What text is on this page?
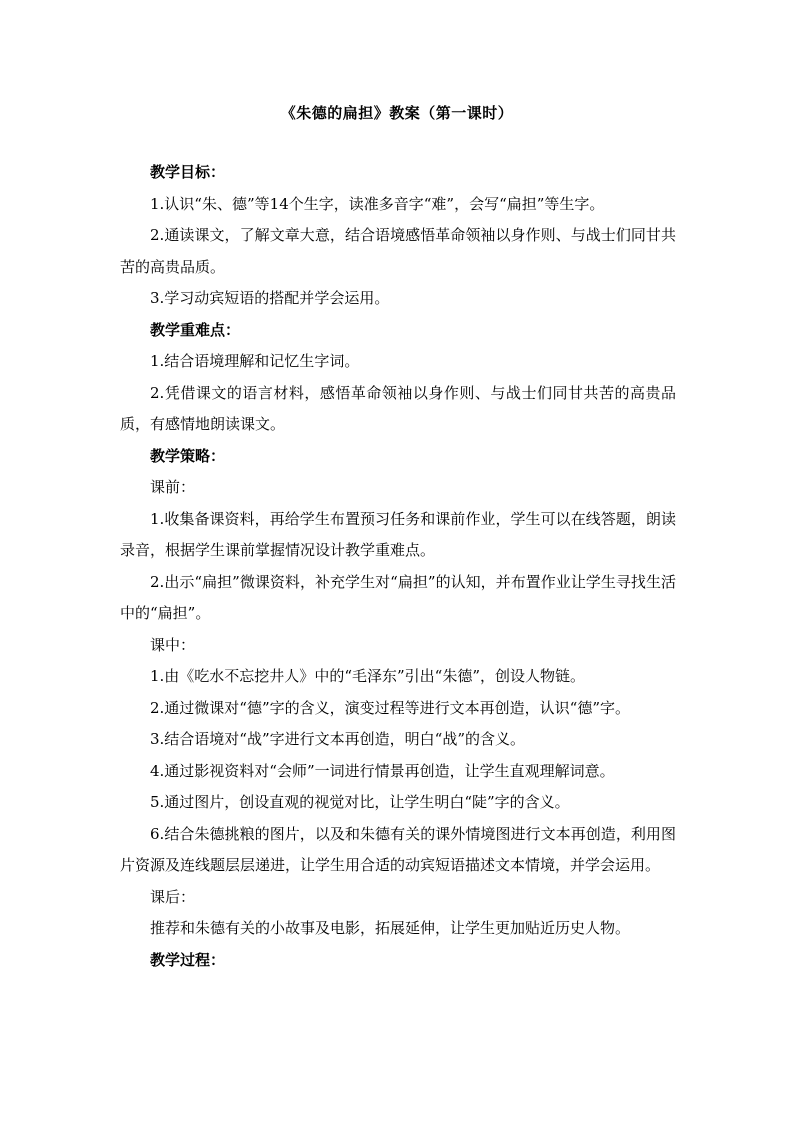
《朱德的扁担》教案（第一课时）

教学目标：

1.认识“朱、德”等14个生字，读准多音字“难”，会写“扁担”等生字。

2.通读课文，了解文章大意，结合语境感悟革命领袖以身作则、与战士们同甘共苦的高贵品质。

3.学习动宾短语的搭配并学会运用。

教学重难点：

1.结合语境理解和记忆生字词。

2.凭借课文的语言材料，感悟革命领袖以身作则、与战士们同甘共苦的高贵品质，有感情地朗读课文。

教学策略：

课前：

1.收集备课资料，再给学生布置预习任务和课前作业，学生可以在线答题，朗读录音，根据学生课前掌握情况设计教学重难点。

2.出示“扁担”微课资料，补充学生对“扁担”的认知，并布置作业让学生寻找生活中的“扁担”。

课中：

1.由《吃水不忘挖井人》中的“毛泽东”引出“朱德”，创设人物链。

2.通过微课对“德”字的含义，演变过程等进行文本再创造，认识“德”字。

3.结合语境对“战”字进行文本再创造，明白“战”的含义。

4.通过影视资料对“会师”一词进行情景再创造，让学生直观理解词意。

5.通过图片，创设直观的视觉对比，让学生明白“陡”字的含义。

6.结合朱德挑粮的图片，以及和朱德有关的课外情境图进行文本再创造，利用图片资源及连线题层层递进，让学生用合适的动宾短语描述文本情境，并学会运用。

课后：

推荐和朱德有关的小故事及电影，拓展延伸，让学生更加贴近历史人物。

教学过程：
